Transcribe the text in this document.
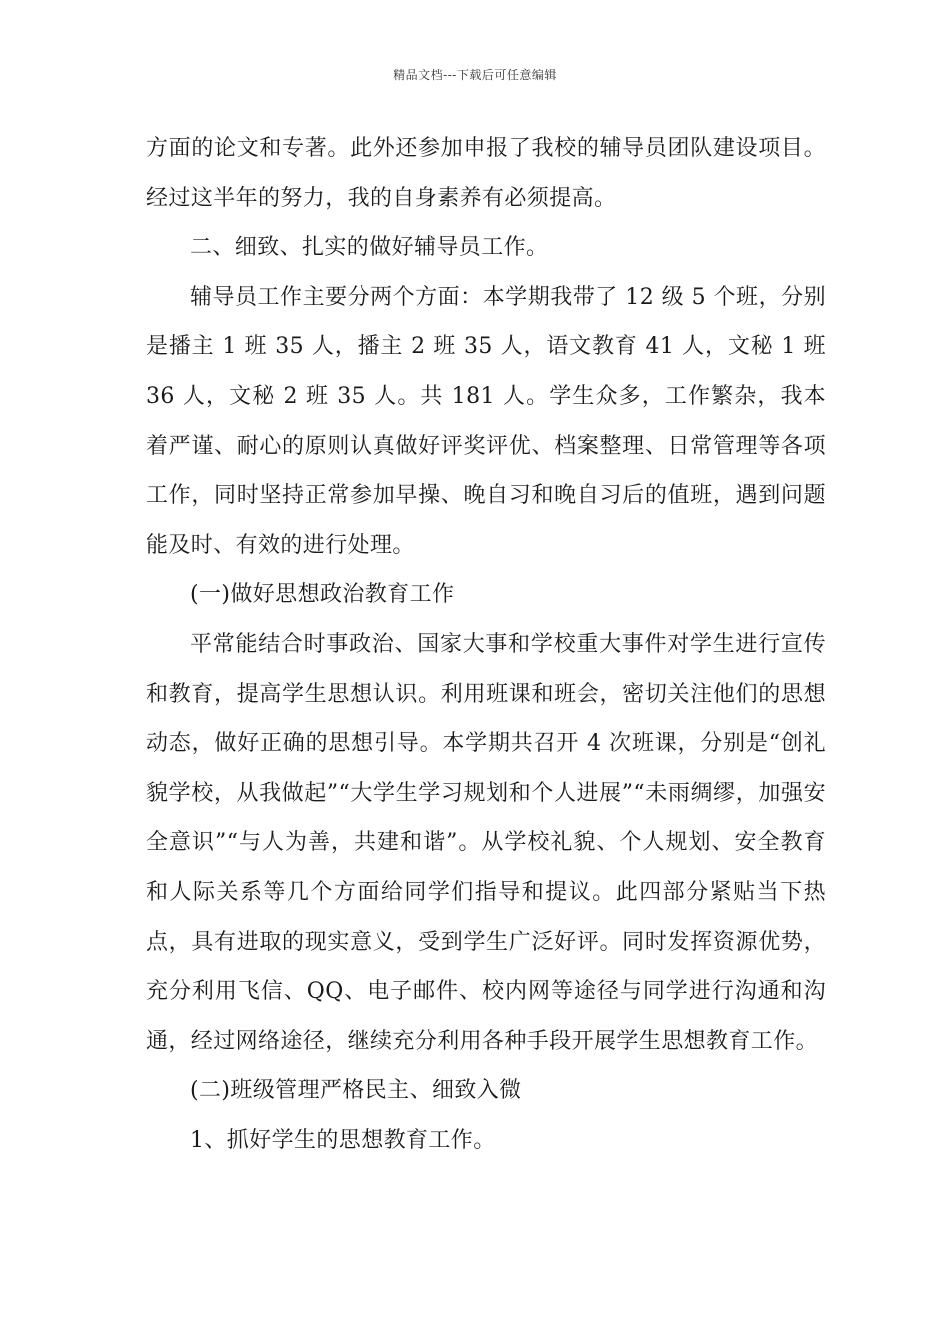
精品文档---下载后可任意编辑

方面的论文和专著。此外还参加申报了我校的辅导员团队建设项目。经过这半年的努力，我的自身素养有必须提高。

二、细致、扎实的做好辅导员工作。

辅导员工作主要分两个方面：本学期我带了 12 级 5 个班，分别是播主 1 班 35 人，播主 2 班 35 人，语文教育 41 人，文秘 1 班 36 人，文秘 2 班 35 人。共 181 人。学生众多，工作繁杂，我本着严谨、耐心的原则认真做好评奖评优、档案整理、日常管理等各项工作，同时坚持正常参加早操、晚自习和晚自习后的值班，遇到问题能及时、有效的进行处理。

(一)做好思想政治教育工作

平常能结合时事政治、国家大事和学校重大事件对学生进行宣传和教育，提高学生思想认识。利用班课和班会，密切关注他们的思想动态，做好正确的思想引导。本学期共召开 4 次班课，分别是“创礼貌学校，从我做起”“大学生学习规划和个人进展”“未雨绸缪，加强安全意识”“与人为善，共建和谐”。从学校礼貌、个人规划、安全教育和人际关系等几个方面给同学们指导和提议。此四部分紧贴当下热点，具有进取的现实意义，受到学生广泛好评。同时发挥资源优势，充分利用飞信、QQ、电子邮件、校内网等途径与同学进行沟通和沟通，经过网络途径，继续充分利用各种手段开展学生思想教育工作。

(二)班级管理严格民主、细致入微

1、抓好学生的思想教育工作。
